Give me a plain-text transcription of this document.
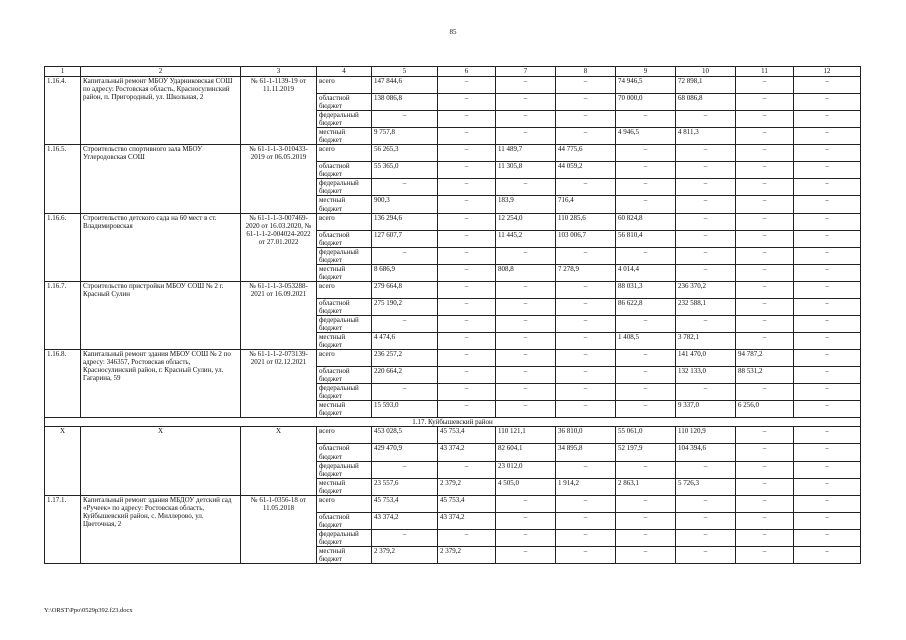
85
1	2	3	4	5	6	7	8	9	10	11	12
1.16.4.	Капитальный ремонт МБОУ Ударниковская СОШ по адресу: Ростовская область, Красносулинский район, п. Пригородный, ул. Школьная, 2	№ 61-1-1139-19 от 11.11.2019	всего	147 844,6	–	–	–	74 946,5	72 898,1	–	–
			областной бюджет	138 086,8	–	–	–	70 000,0	68 086,8	–	–
			федеральный бюджет	–	–	–	–	–	–	–	–
			местный бюджет	9 757,8	–	–	–	4 946,5	4 811,3	–	–
1.16.5.	Строительство спортивного зала МБОУ Углеродовская СОШ	№ 61-1-1-3-010433-2019 от 06.05.2019	всего	56 265,3	–	11 489,7	44 775,6	–	–	–	–
			областной бюджет	55 365,0	–	11 305,8	44 059,2	–	–	–	–
			федеральный бюджет	–	–	–	–	–	–	–	–
			местный бюджет	900,3	–	183,9	716,4	–	–	–	–
1.16.6.	Строительство детского сада на 60 мест в ст. Владимировская	№ 61-1-1-3-007469-2020 от 16.03.2020, № 61-1-1-2-004024-2022 от 27.01.2022	всего	136 294,6	–	12 254,0	110 285,6	60 824,8	–	–	–
			областной бюджет	127 607,7	–	11 445,2	103 006,7	56 810,4	–	–	–
			федеральный бюджет	–	–	–	–	–	–	–	–
			местный бюджет	8 686,9	–	808,8	7 278,9	4 014,4	–	–	–
1.16.7.	Строительство пристройки МБОУ СОШ № 2 г. Красный Сулин	№ 61-1-1-3-053288-2021 от 16.09.2021	всего	279 664,8	–	–	–	88 031,3	236 370,2	–	–
			областной бюджет	275 190,2	–	–	–	86 622,8	232 588,1	–	–
			федеральный бюджет	–	–	–	–	–	–	–	–
			местный бюджет	4 474,6	–	–	–	1 408,5	3 782,1	–	–
1.16.8.	Капитальный ремонт здания МБОУ СОШ № 2 по адресу: 346357, Ростовская область, Красносулинский район, г. Красный Сулин, ул. Гагарина, 59	№ 61-1-1-2-073139-2021 от 02.12.2021	всего	236 257,2	–	–	–	–	141 470,0	94 787,2	–
			областной бюджет	220 664,2	–	–	–	–	132 133,0	88 531,2	–
			федеральный бюджет	–	–	–	–	–	–	–	–
			местный бюджет	15 593,0	–	–	–	–	9 337,0	6 256,0	–
1.17. Куйбышевский район											
Х	Х	Х	всего	453 028,5	45 753,4	110 121,1	36 810,0	55 061,0	110 120,9	–	–
			областной бюджет	429 470,9	43 374,2	82 604,1	34 895,8	52 197,9	104 394,6	–	–
			федеральный бюджет	–	–	23 012,0	–	–	–	–	–
			местный бюджет	23 557,6	2 379,2	4 505,0	1 914,2	2 863,1	5 726,3	–	–
1.17.1.	Капитальный ремонт здания МБДОУ детский сад «Ручеек» по адресу: Ростовская область, Куйбышевский район, с. Миллерово, ул. Цветочная, 2	№ 61-1-0356-18 от 11.05.2018	всего	45 753,4	45 753,4	–	–	–	–	–	–
			областной бюджет	43 374,2	43 374,2	–	–	–	–	–	–
			федеральный бюджет	–	–	–	–	–	–	–	–
			местный бюджет	2 379,2	2 379,2	–	–	–	–	–	–
Y:\ORST\Ppo\0529p392.f23.docx
